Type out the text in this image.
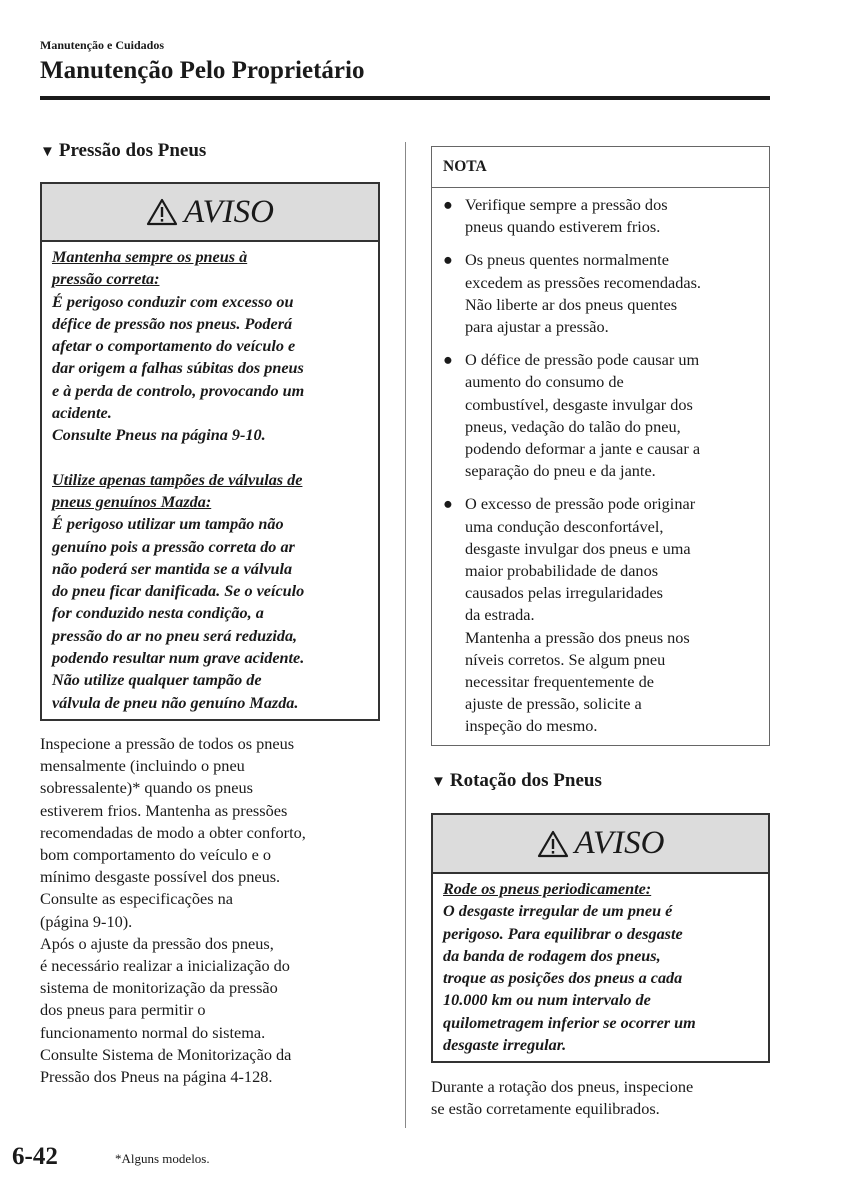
Manutenção e Cuidados
Manutenção Pelo Proprietário
▼ Pressão dos Pneus
AVISO

Mantenha sempre os pneus à

pressão correta:

É perigoso conduzir com excesso ou

défice de pressão nos pneus. Poderá

afetar o comportamento do veículo e

dar origem a falhas súbitas dos pneus

e à perda de controlo, provocando um

acidente.

Consulte Pneus na página 9-10.

Utilize apenas tampões de válvulas de

pneus genuínos Mazda:

É perigoso utilizar um tampão não

genuíno pois a pressão correta do ar

não poderá ser mantida se a válvula

do pneu ficar danificada. Se o veículo

for conduzido nesta condição, a

pressão do ar no pneu será reduzida,

podendo resultar num grave acidente.

Não utilize qualquer tampão de

válvula de pneu não genuíno Mazda.

Inspecione a pressão de todos os pneus
mensalmente (incluindo o pneu
sobressalente)* quando os pneus
estiverem frios. Mantenha as pressões
recomendadas de modo a obter conforto,
bom comportamento do veículo e o
mínimo desgaste possível dos pneus.
Consulte as especificações na
(página 9-10).
Após o ajuste da pressão dos pneus,
é necessário realizar a inicialização do
sistema de monitorização da pressão
dos pneus para permitir o
funcionamento normal do sistema.
Consulte Sistema de Monitorização da
Pressão dos Pneus na página 4-128.
NOTA
● Verifique sempre a pressão dos
pneus quando estiverem frios.
● Os pneus quentes normalmente
excedem as pressões recomendadas.
Não liberte ar dos pneus quentes
para ajustar a pressão.
● O défice de pressão pode causar um
aumento do consumo de
combustível, desgaste invulgar dos
pneus, vedação do talão do pneu,
podendo deformar a jante e causar a
separação do pneu e da jante.
● O excesso de pressão pode originar
uma condução desconfortável,
desgaste invulgar dos pneus e uma
maior probabilidade de danos
causados pelas irregularidades
da estrada.
Mantenha a pressão dos pneus nos
níveis corretos. Se algum pneu
necessitar frequentemente de
ajuste de pressão, solicite a
inspeção do mesmo.
▼ Rotação dos Pneus
AVISO

Rode os pneus periodicamente:

O desgaste irregular de um pneu é

perigoso. Para equilibrar o desgaste

da banda de rodagem dos pneus,

troque as posições dos pneus a cada

10.000 km ou num intervalo de

quilometragem inferior se ocorrer um

desgaste irregular.

Durante a rotação dos pneus, inspecione
se estão corretamente equilibrados.
6-42	*Alguns modelos.
